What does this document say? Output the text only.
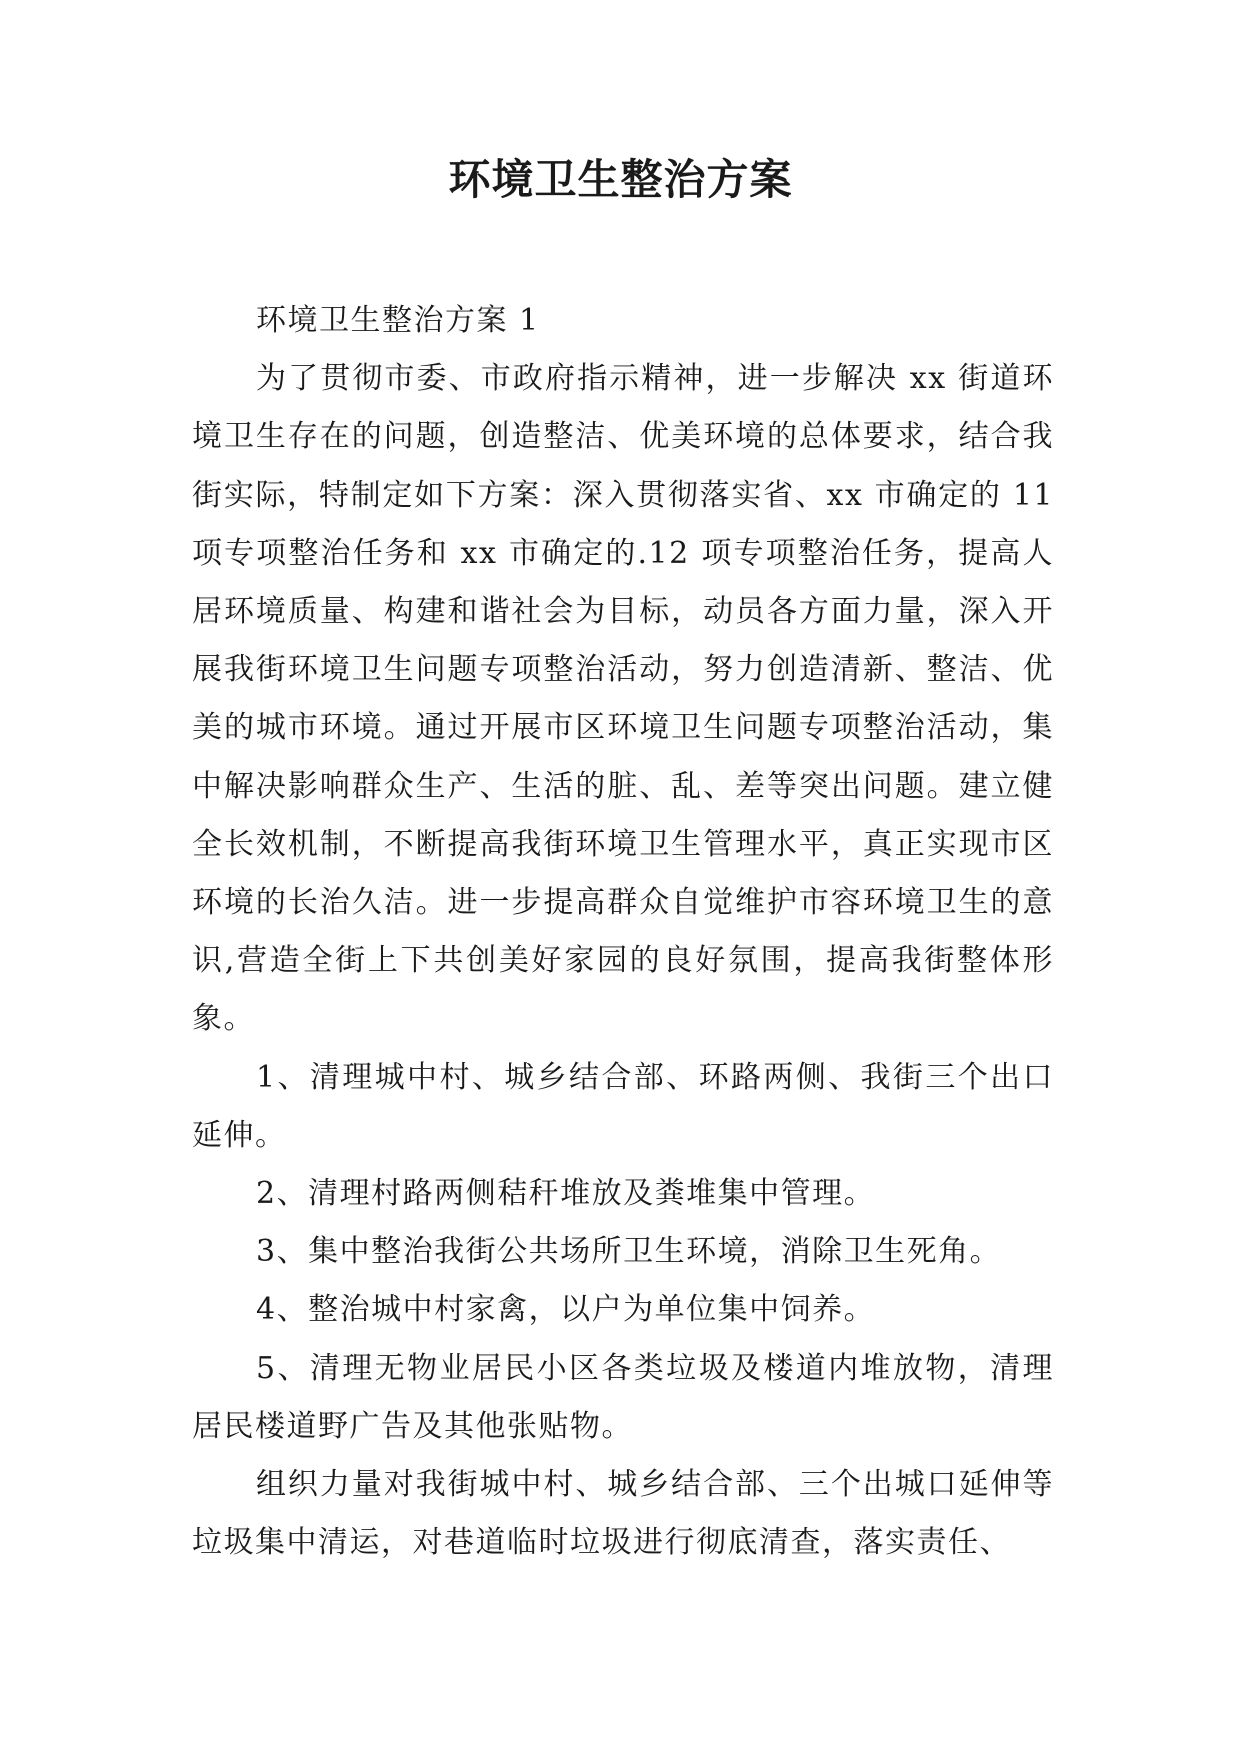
环境卫生整治方案

环境卫生整治方案 1

为了贯彻市委、市政府指示精神，进一步解决 xx 街道环境卫生存在的问题，创造整洁、优美环境的总体要求，结合我街实际，特制定如下方案：深入贯彻落实省、xx 市确定的 11 项专项整治任务和 xx 市确定的.12 项专项整治任务，提高人居环境质量、构建和谐社会为目标，动员各方面力量，深入开展我街环境卫生问题专项整治活动，努力创造清新、整洁、优美的城市环境。通过开展市区环境卫生问题专项整治活动，集中解决影响群众生产、生活的脏、乱、差等突出问题。建立健全长效机制，不断提高我街环境卫生管理水平，真正实现市区环境的长治久洁。进一步提高群众自觉维护市容环境卫生的意识,营造全街上下共创美好家园的良好氛围，提高我街整体形象。

1、清理城中村、城乡结合部、环路两侧、我街三个出口延伸。

2、清理村路两侧秸秆堆放及粪堆集中管理。

3、集中整治我街公共场所卫生环境，消除卫生死角。

4、整治城中村家禽，以户为单位集中饲养。

5、清理无物业居民小区各类垃圾及楼道内堆放物，清理居民楼道野广告及其他张贴物。

组织力量对我街城中村、城乡结合部、三个出城口延伸等垃圾集中清运，对巷道临时垃圾进行彻底清查，落实责任、
